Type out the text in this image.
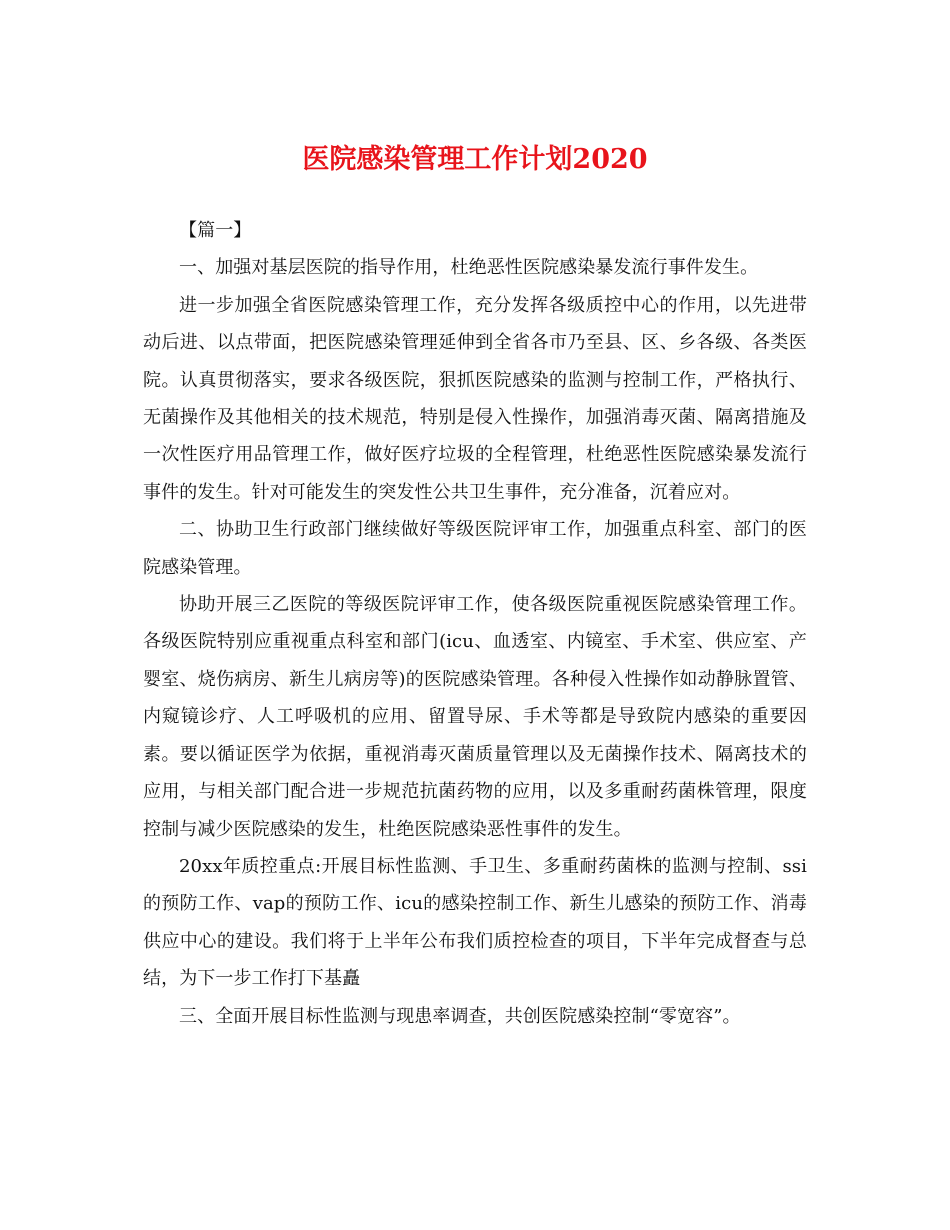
医院感染管理工作计划2020

【篇一】

一、加强对基层医院的指导作用，杜绝恶性医院感染暴发流行事件发生。

进一步加强全省医院感染管理工作，充分发挥各级质控中心的作用，以先进带动后进、以点带面，把医院感染管理延伸到全省各市乃至县、区、乡各级、各类医院。认真贯彻落实，要求各级医院，狠抓医院感染的监测与控制工作，严格执行、无菌操作及其他相关的技术规范，特别是侵入性操作，加强消毒灭菌、隔离措施及一次性医疗用品管理工作，做好医疗垃圾的全程管理，杜绝恶性医院感染暴发流行事件的发生。针对可能发生的突发性公共卫生事件，充分准备，沉着应对。

二、协助卫生行政部门继续做好等级医院评审工作，加强重点科室、部门的医院感染管理。

协助开展三乙医院的等级医院评审工作，使各级医院重视医院感染管理工作。各级医院特别应重视重点科室和部门(icu、血透室、内镜室、手术室、供应室、产婴室、烧伤病房、新生儿病房等)的医院感染管理。各种侵入性操作如动静脉置管、内窥镜诊疗、人工呼吸机的应用、留置导尿、手术等都是导致院内感染的重要因素。要以循证医学为依据，重视消毒灭菌质量管理以及无菌操作技术、隔离技术的应用，与相关部门配合进一步规范抗菌药物的应用，以及多重耐药菌株管理，限度控制与减少医院感染的发生，杜绝医院感染恶性事件的发生。

20xx年质控重点:开展目标性监测、手卫生、多重耐药菌株的监测与控制、ssi的预防工作、vap的预防工作、icu的感染控制工作、新生儿感染的预防工作、消毒供应中心的建设。我们将于上半年公布我们质控检查的项目，下半年完成督查与总结，为下一步工作打下基矗

三、全面开展目标性监测与现患率调查，共创医院感染控制“零宽容”。
